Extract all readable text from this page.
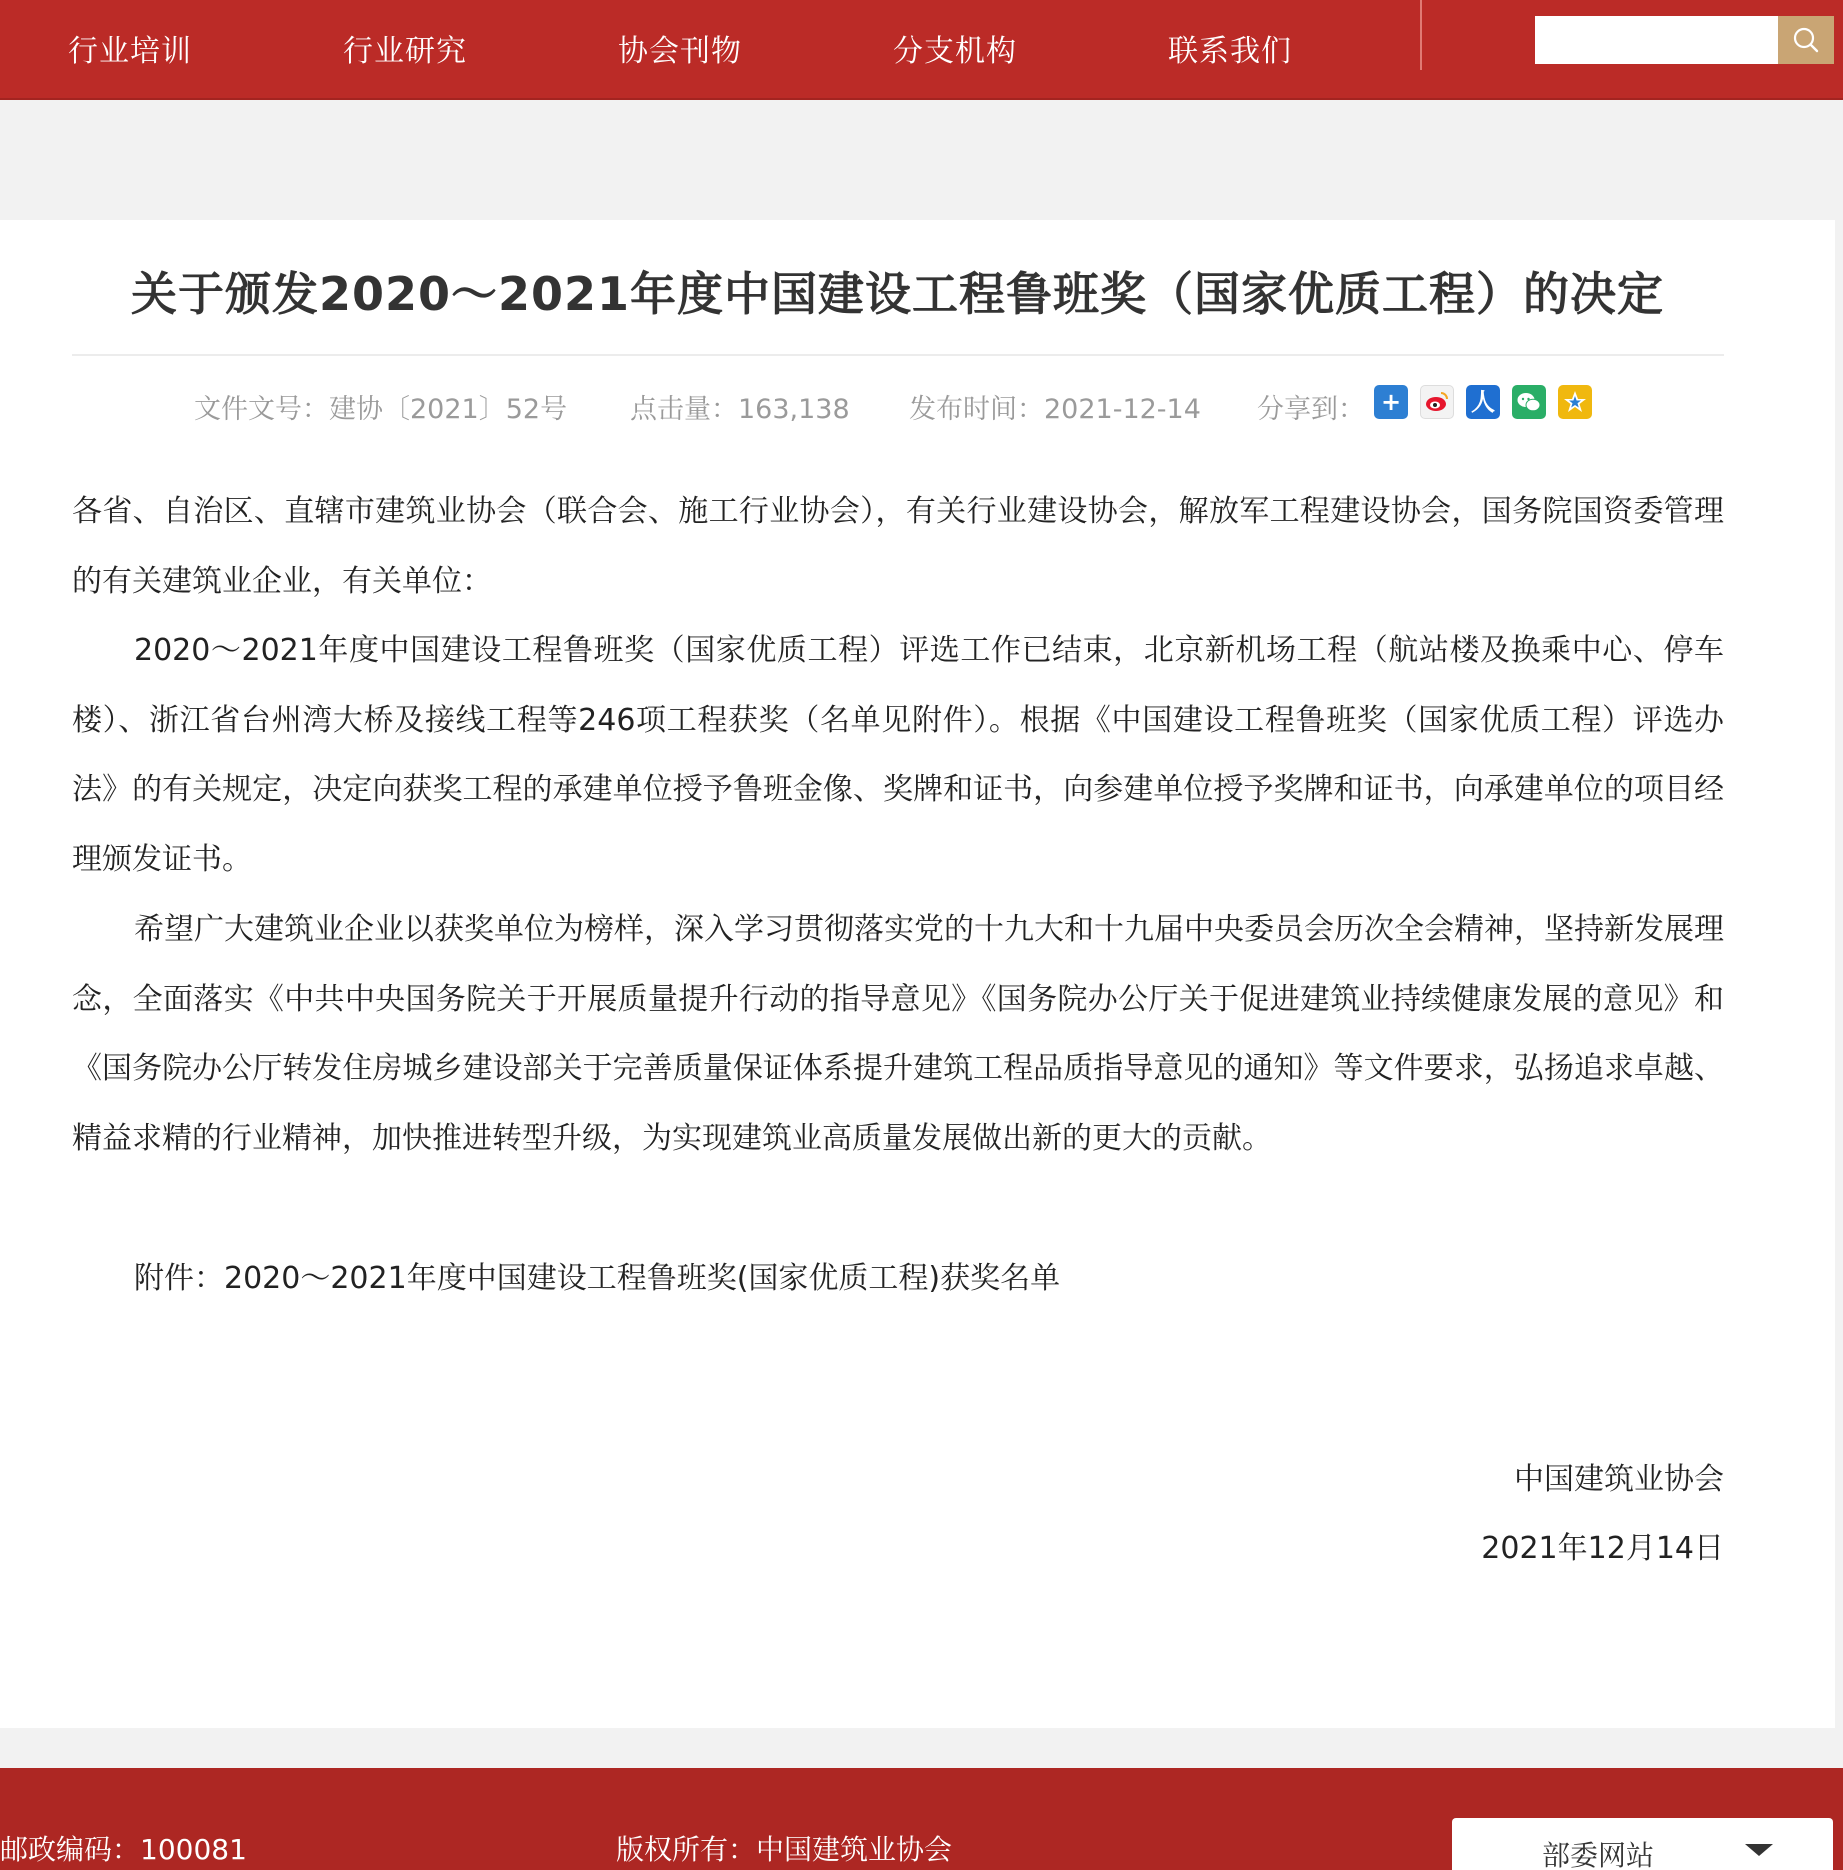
行业培训	行业研究	协会刊物	分支机构	联系我们
关于颁发2020～2021年度中国建设工程鲁班奖（国家优质工程）的决定
文件文号：建协〔2021〕52号 点击量：163,138 发布时间：2021-12-14 分享到： +	人

各省、自治区、直辖市建筑业协会（联合会、施工行业协会），有关行业建设协会，解放军工程建设协会，国务院国资委管理的有关建筑业企业，有关单位：

2020～2021年度中国建设工程鲁班奖（国家优质工程）评选工作已结束，北京新机场工程（航站楼及换乘中心、停车楼）、浙江省台州湾大桥及接线工程等246项工程获奖（名单见附件）。根据《中国建设工程鲁班奖（国家优质工程）评选办法》的有关规定，决定向获奖工程的承建单位授予鲁班金像、奖牌和证书，向参建单位授予奖牌和证书，向承建单位的项目经理颁发证书。

希望广大建筑业企业以获奖单位为榜样，深入学习贯彻落实党的十九大和十九届中央委员会历次全会精神，坚持新发展理念，全面落实《中共中央国务院关于开展质量提升行动的指导意见》《国务院办公厅关于促进建筑业持续健康发展的意见》和《国务院办公厅转发住房城乡建设部关于完善质量保证体系提升建筑工程品质指导意见的通知》等文件要求，弘扬追求卓越、精益求精的行业精神，加快推进转型升级，为实现建筑业高质量发展做出新的更大的贡献。

附件：2020～2021年度中国建设工程鲁班奖(国家优质工程)获奖名单

中国建筑业协会
2021年12月14日
邮政编码：100081	版权所有：中国建筑业协会	部委网站
